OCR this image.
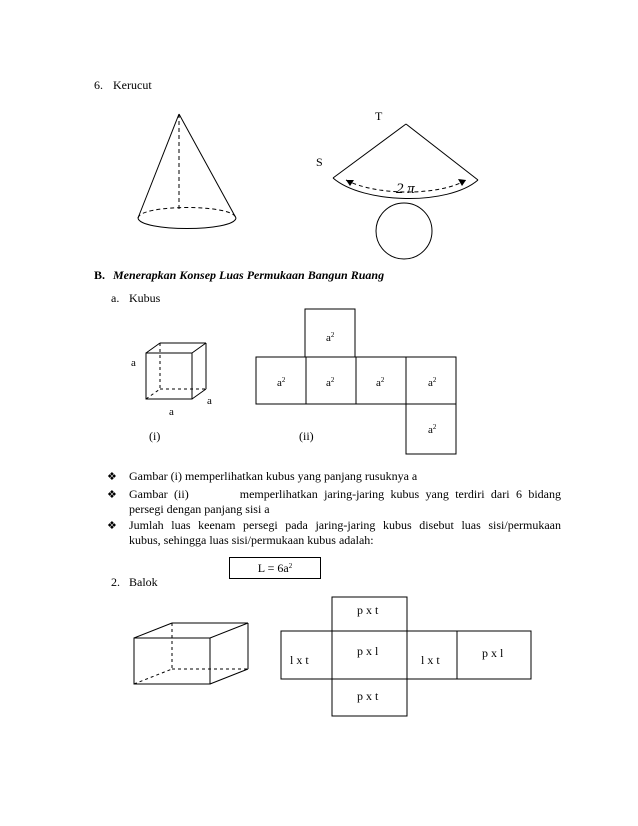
6. Kerucut
T
S
2 π
B. Menerapkan Konsep Luas Permukaan Bangun Ruang
a. Kubus
a
a
a
(i)	(ii)
$a^2$
$a^2$	$a^2$	$a^2$	$a^2$
$a^2$
❖ Gambar (i) memperlihatkan kubus yang panjang rusuknya a
❖ Gambar (ii)        memperlihatkan jaring-jaring kubus yang terdiri dari 6 bidang
persegi dengan panjang sisi a
❖ Jumlah luas keenam persegi pada jaring-jaring kubus disebut luas sisi/permukaan
kubus, sehingga luas sisi/permukaan kubus adalah:
$L = 6a^2$
2. Balok
p x t
l x t
p x l
l x t	p x l
p x t
